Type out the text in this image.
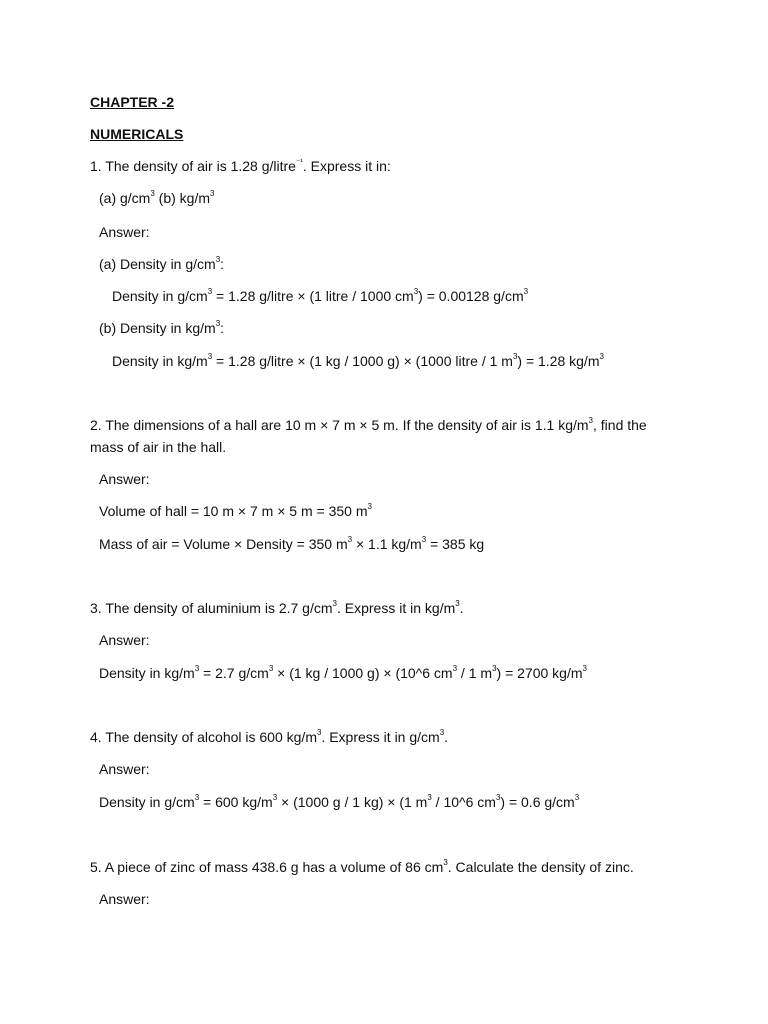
CHAPTER -2
NUMERICALS
1. The density of air is 1.28 g/litre$^{^{-1}}$. Express it in:
(a) $g/cm^3$ (b) $kg/m^3$
Answer:
(a) Density in $g/cm^3$:
Density in $g/cm^3 = 1.28$ g/litre × (1 litre / 1000 $cm^3) = 0.00128$ $g/cm^3$
(b) Density in $kg/m^3$:
Density in $kg/m^3 = 1.28$ g/litre × (1 kg / 1000 g) × (1000 litre / 1 $m^3) = 1.28$ $kg/m^3$
2. The dimensions of a hall are 10 m × 7 m × 5 m. If the density of air is 1.1 $kg/m^3$, find the
mass of air in the hall.
Answer:
Volume of hall = 10 m × 7 m × 5 m = 350 $m^3$
Mass of air = Volume × Density = 350 $m^3 \times 1.1$ $kg/m^3 = 385$ kg
3. The density of aluminium is 2.7 $g/cm^3$. Express it in $kg/m^3$.
Answer:
Density in $kg/m^3 = 2.7$ $g/cm^3 \times (1$ kg / 1000 g) × (10^6 $cm^3 / 1$ $m^3) = 2700$ $kg/m^3$
4. The density of alcohol is 600 $kg/m^3$. Express it in $g/cm^3$.
Answer:
Density in $g/cm^3 = 600$ $kg/m^3 \times (1000$ g / 1 kg) × (1 $m^3$ / 10^6 $cm^3) = 0.6$ $g/cm^3$
5. A piece of zinc of mass 438.6 g has a volume of 86 $cm^3$. Calculate the density of zinc.
Answer:
